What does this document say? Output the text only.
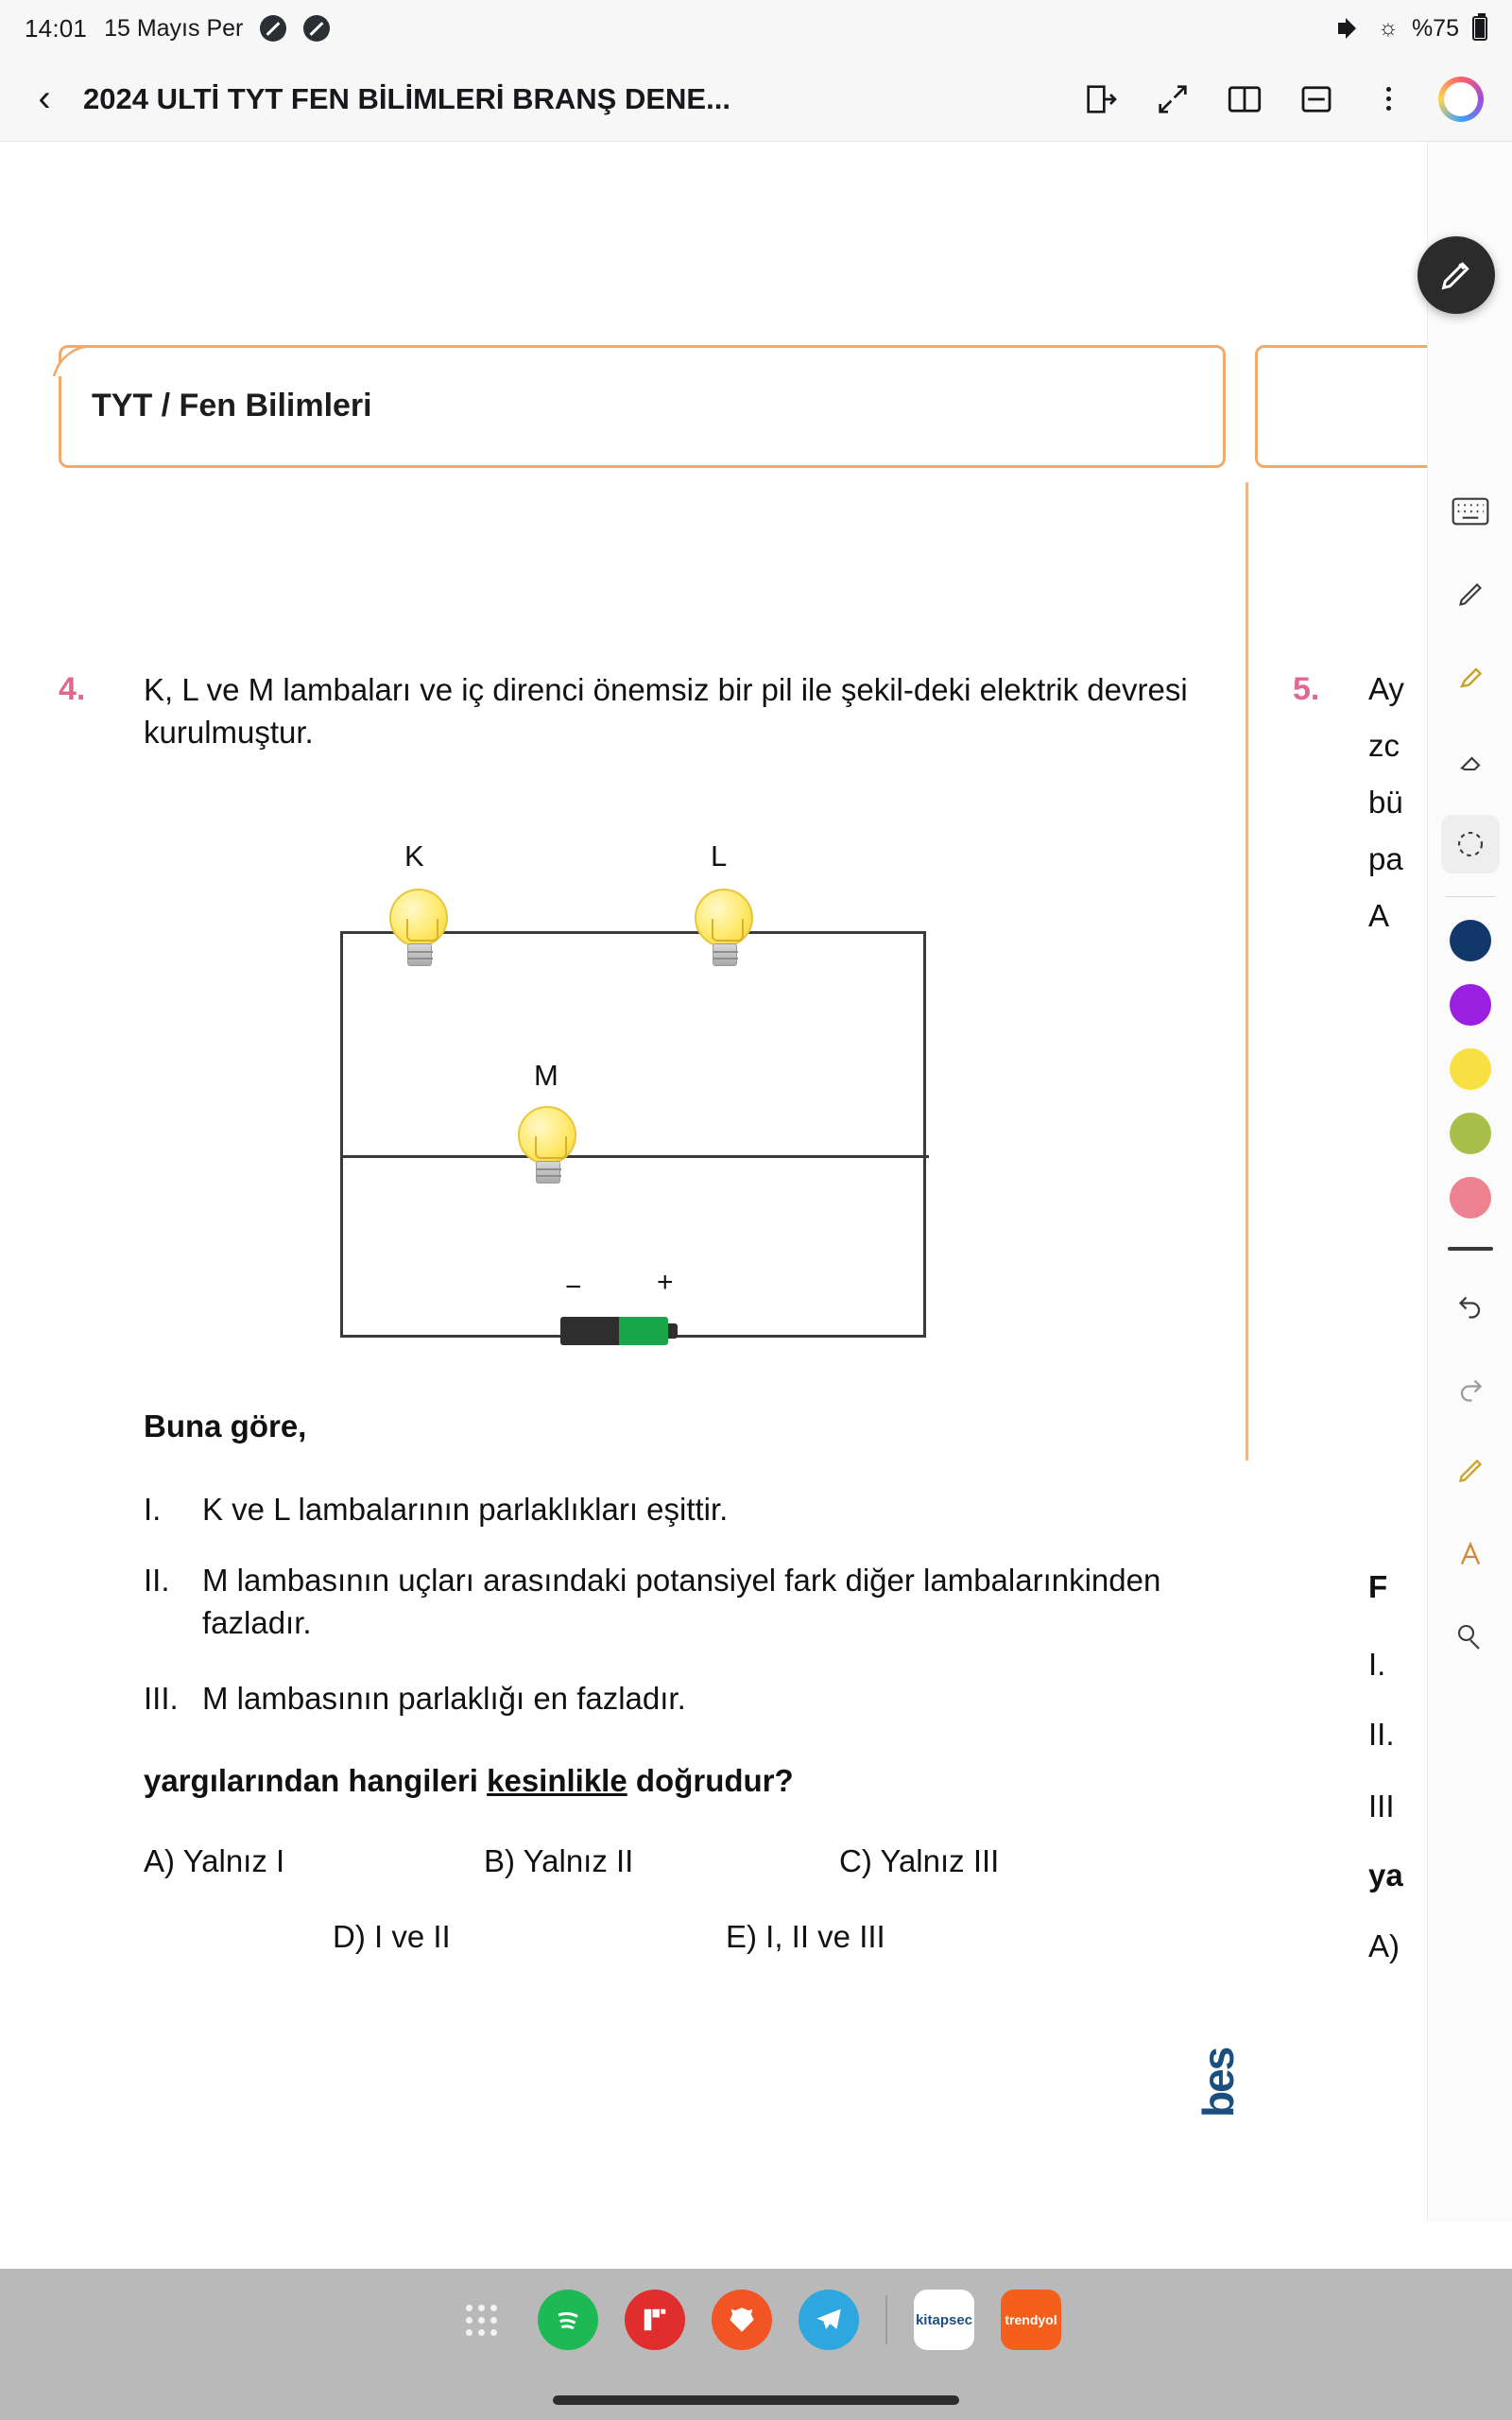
14:01 15 Mayıs Per	☼ %75
‹	2024 ULTİ TYT FEN BİLİMLERİ BRANŞ DENE...
TYT / Fen Bilimleri
4. K, L ve M lambaları ve iç direnci önemsiz bir pil ile şekil-deki elektrik devresi kurulmuştur.
K	L
M
−	+
Buna göre,
I.	K ve L lambalarının parlaklıkları eşittir.
II.	M lambasının uçları arasındaki potansiyel fark diğer lambalarınkinden fazladır.
III. M lambasının parlaklığı en fazladır.
yargılarından hangileri kesinlikle doğrudur?
A) Yalnız I	B) Yalnız II	C) Yalnız III
D) I ve II	E) I, II ve III
5. Ay
zc
bü
pa
A
F
I.
II.
III
ya
A)
bes
kitapsec	trendyol
